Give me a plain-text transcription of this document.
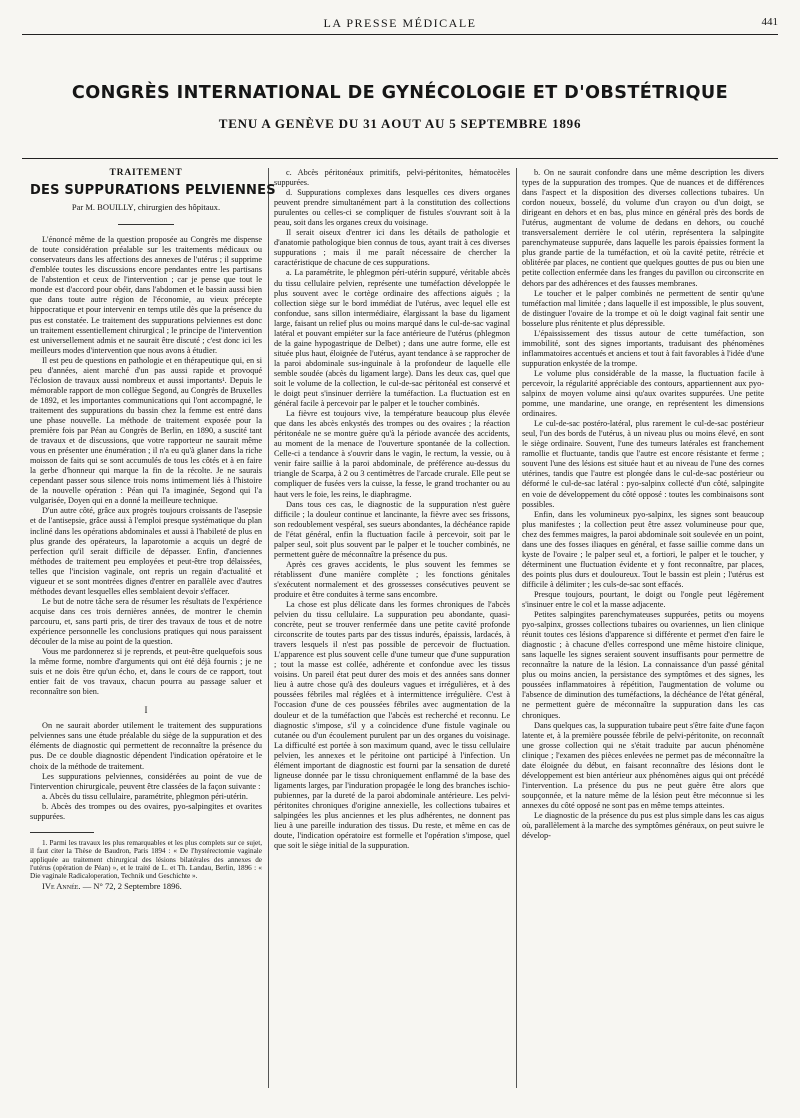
LA PRESSE MÉDICALE	441
CONGRÈS INTERNATIONAL DE GYNÉCOLOGIE ET D'OBSTÉTRIQUE
TENU A GENÈVE DU 31 AOUT AU 5 SEPTEMBRE 1896
TRAITEMENT
DES SUPPURATIONS PELVIENNES
Par M. BOUILLY, chirurgien des hôpitaux.

L'énoncé même de la question proposée au Congrès me dispense de toute considération préalable sur les traitements médicaux ou conservateurs dans les affections des annexes de l'utérus ; il supprime d'emblée toutes les discussions encore pendantes entre les partisans de l'abstention et ceux de l'intervention ; car je pense que tout le monde est d'accord pour obéir, dans l'abdomen et le bassin aussi bien que dans toute autre région de l'économie, au vieux précepte hippocratique et pour intervenir en temps utile dès que la présence du pus est constatée. Le traitement des suppurations pelviennes est donc un traitement essentiellement chirurgical ; le principe de l'intervention est universellement admis et ne saurait être discuté ; c'est donc ici les meilleurs modes d'intervention que nous avons à étudier.

Il est peu de questions en pathologie et en thérapeutique qui, en si peu d'années, aient marché d'un pas aussi rapide et provoqué l'éclosion de travaux aussi nombreux et aussi importants¹. Depuis le mémorable rapport de mon collègue Segond, au Congrès de Bruxelles de 1892, et les importantes communications qui l'ont accompagné, le traitement des suppurations du bassin chez la femme est entré dans une phase nouvelle. La méthode de traitement exposée pour la première fois par Péan au Congrès de Berlin, en 1890, a suscité tant de travaux et de discussions, que votre rapporteur ne saurait même vous en présenter une énumération ; il n'a eu qu'à glaner dans la riche moisson de faits qui se sont accumulés de tous les côtés et à en faire la gerbe d'honneur qui marque la fin de la récolte. Je ne saurais cependant passer sous silence trois noms intimement liés à l'histoire de la nouvelle opération : Péan qui l'a imaginée, Segond qui l'a vulgarisée, Doyen qui en a donné la meilleure technique.

D'un autre côté, grâce aux progrès toujours croissants de l'asepsie et de l'antisepsie, grâce aussi à l'emploi presque systématique du plan incliné dans les opérations abdominales et aussi à l'habileté de plus en plus grande des opérateurs, la laparotomie a acquis un degré de perfection qu'il serait difficile de dépasser. Enfin, d'anciennes méthodes de traitement peu employées et peut-être trop délaissées, telles que l'incision vaginale, ont repris un regain d'actualité et vigueur et se sont montrées dignes d'entrer en parallèle avec d'autres méthodes devant lesquelles elles semblaient devoir s'effacer.

Le but de notre tâche sera de résumer les résultats de l'expérience acquise dans ces trois dernières années, de montrer le chemin parcouru, et, sans parti pris, de tirer des travaux de tous et de notre expérience personnelle les conclusions pratiques qui nous paraissent découler de la mise au point de la question.

Vous me pardonnerez si je reprends, et peut-être quelquefois sous la même forme, nombre d'arguments qui ont été déjà fournis ; je ne suis et ne dois être qu'un écho, et, dans le cours de ce rapport, tout entier fait de vos travaux, chacun pourra au passage saluer et reconnaître son bien.

I

On ne saurait aborder utilement le traitement des suppurations pelviennes sans une étude préalable du siège de la suppuration et des éléments de diagnostic qui permettent de reconnaître la présence du pus. De ce double diagnostic dépendent l'indication opératoire et le choix de la méthode de traitement.

Les suppurations pelviennes, considérées au point de vue de l'intervention chirurgicale, peuvent être classées de la façon suivante :

a. Abcès du tissu cellulaire, paramétrite, phlegmon péri-utérin.

b. Abcès des trompes ou des ovaires, pyo-salpingites et ovarites suppurées.

1. Parmi les travaux les plus remarquables et les plus complets sur ce sujet, il faut citer la Thèse de Baudron, Paris 1894 : « De l'hystérectomie vaginale appliquée au traitement chirurgical des lésions bilatérales des annexes de l'utérus (opération de Péan) », et le traité de L. et Th. Landau, Berlin, 1896 : « Die vaginale Radicaloperation, Technik und Geschichte ».

IVe Année. — N° 72, 2 Septembre 1896.

c. Abcès péritonéaux primitifs, pelvi-péritonites, hématocèles suppurées.

d. Suppurations complexes dans lesquelles ces divers organes peuvent prendre simultanément part à la constitution des collections purulentes ou celles-ci se compliquer de fistules s'ouvrant soit à la peau, soit dans les organes creux du voisinage.

Il serait oiseux d'entrer ici dans les détails de pathologie et d'anatomie pathologique bien connus de tous, ayant trait à ces diverses suppurations ; mais il me paraît nécessaire de chercher la caractéristique de chacune de ces suppurations.

a. La paramétrite, le phlegmon péri-utérin suppuré, véritable abcès du tissu cellulaire pelvien, représente une tuméfaction développée le plus souvent avec le cortège ordinaire des affections aiguës ; la collection siège sur le bord immédiat de l'utérus, avec lequel elle est confondue, sans sillon intermédiaire, élargissant la base du ligament large, faisant un relief plus ou moins marqué dans le cul-de-sac vaginal latéral et pouvant empiéter sur la face antérieure de l'utérus (phlegmon de la gaine hypogastrique de Delbet) ; dans une autre forme, elle est située plus haut, éloignée de l'utérus, ayant tendance à se rapprocher de la paroi abdominale sus-inguinale à la profondeur de laquelle elle semble soudée (abcès du ligament large). Dans les deux cas, quel que soit le volume de la collection, le cul-de-sac péritonéal est conservé et le doigt peut s'insinuer derrière la tuméfaction. La fluctuation est en général facile à percevoir par le palper et le toucher combinés.

La fièvre est toujours vive, la température beaucoup plus élevée que dans les abcès enkystés des trompes ou des ovaires ; la réaction péritonéale ne se montre guère qu'à la période avancée des accidents, au moment de la menace de l'ouverture spontanée de la collection. Celle-ci a tendance à s'ouvrir dans le vagin, le rectum, la vessie, ou à venir faire saillie à la paroi abdominale, de préférence au-dessus du triangle de Scarpa, à 2 ou 3 centimètres de l'arcade crurale. Elle peut se compliquer de fusées vers la cuisse, la fesse, le grand trochanter ou au haut vers le foie, les reins, le diaphragme.

Dans tous ces cas, le diagnostic de la suppuration n'est guère difficile ; la douleur continue et lancinante, la fièvre avec ses frissons, son redoublement vespéral, ses sueurs abondantes, la déchéance rapide de l'état général, enfin la fluctuation facile à percevoir, soit par le palper seul, soit plus souvent par le palper et le toucher combinés, ne permettent guère de méconnaître la présence du pus.

Après ces graves accidents, le plus souvent les femmes se rétablissent d'une manière complète ; les fonctions génitales s'exécutent normalement et des grossesses consécutives peuvent se produire et être conduites à terme sans encombre.

La chose est plus délicate dans les formes chroniques de l'abcès pelvien du tissu cellulaire. La suppuration peu abondante, quasi-concrète, peut se trouver renfermée dans une petite cavité profonde circonscrite de toutes parts par des tissus indurés, épaissis, lardacés, à travers lesquels il n'est pas possible de percevoir de fluctuation. L'apparence est plus souvent celle d'une tumeur que d'une suppuration ; tout la masse est collée, adhérente et confondue avec les tissus voisins. Un pareil état peut durer des mois et des années sans donner lieu à autre chose qu'à des douleurs vagues et irrégulières, et à des poussées fébriles mal réglées et à intermittence irrégulière. C'est à l'occasion d'une de ces poussées fébriles avec augmentation de la douleur et de la tuméfaction que l'abcès est recherché et reconnu. Le diagnostic s'impose, s'il y a coïncidence d'une fistule vaginale ou cutanée ou d'un écoulement purulent par un des organes du voisinage. La difficulté est portée à son maximum quand, avec le tissu cellulaire pelvien, les annexes et le péritoine ont participé à l'infection. Un élément important de diagnostic est fourni par la sensation de dureté ligneuse donnée par le tissu chroniquement enflammé de la base des ligaments larges, par l'induration propagée le long des branches ischio-pubiennes, par la dureté de la paroi abdominale antérieure. Les pelvi-péritonites chroniques d'origine annexielle, les collections tubaires et salpingées les plus anciennes et les plus adhérentes, ne donnent pas lieu à une pareille induration des tissus. Du reste, et même en cas de doute, l'indication opératoire est formelle et l'opération s'impose, quel que soit le siège initial de la suppuration.

b. On ne saurait confondre dans une même description les divers types de la suppuration des trompes. Que de nuances et de différences dans l'aspect et la disposition des diverses collections tubaires. Un cordon noueux, bosselé, du volume d'un crayon ou d'un doigt, se dirigeant en dehors et en bas, plus mince en général près des bords de l'utérus, augmentant de volume de dedans en dehors, ou couché transversalement derrière le col utérin, représentera la salpingite parenchymateuse suppurée, dans laquelle les parois épaissies forment la plus grande partie de la tuméfaction, et où la cavité petite, rétrécie et oblitérée par places, ne contient que quelques gouttes de pus ou bien une petite collection enfermée dans les franges du pavillon ou circonscrite en dehors par des adhérences et des fausses membranes.

Le toucher et le palper combinés ne permettent de sentir qu'une tuméfaction mal limitée ; dans laquelle il est impossible, le plus souvent, de distinguer l'ovaire de la trompe et où le doigt vaginal fait sentir une bosselure plus rénitente et plus dépressible.

L'épaississement des tissus autour de cette tuméfaction, son immobilité, sont des signes importants, traduisant des phénomènes inflammatoires accentués et anciens et tout à fait favorables à l'idée d'une suppuration enkystée de la trompe.

Le volume plus considérable de la masse, la fluctuation facile à percevoir, la régularité appréciable des contours, appartiennent aux pyo-salpinx de moyen volume ainsi qu'aux ovarites suppurées. Une petite pomme, une mandarine, une orange, en représentent les dimensions ordinaires.

Le cul-de-sac postéro-latéral, plus rarement le cul-de-sac postérieur seul, l'un des bords de l'utérus, à un niveau plus ou moins élevé, en sont le siège ordinaire. Souvent, l'une des tumeurs latérales est franchement ramollie et fluctuante, tandis que l'autre est encore résistante et ferme ; souvent l'une des lésions est située haut et au niveau de l'une des cornes utérines, tandis que l'autre est plongée dans le cul-de-sac postérieur ou déformé le cul-de-sac latéral : pyo-salpinx collecté d'un côté, salpingite en voie de développement du côté opposé : toutes les combinaisons sont possibles.

Enfin, dans les volumineux pyo-salpinx, les signes sont beaucoup plus manifestes ; la collection peut être assez volumineuse pour que, chez des femmes maigres, la paroi abdominale soit soulevée en un point, dans une des fosses iliaques en général, et fasse saillie comme dans un kyste de l'ovaire ; le palper seul et, a fortiori, le palper et le toucher, y déterminent une fluctuation évidente et y font reconnaître, par places, des points plus durs et douloureux. Tout le bassin est plein ; l'utérus est difficile à délimiter ; les culs-de-sac sont effacés.

Presque toujours, pourtant, le doigt ou l'ongle peut légèrement s'insinuer entre le col et la masse adjacente.

Petites salpingites parenchymateuses suppurées, petits ou moyens pyo-salpinx, grosses collections tubaires ou ovariennes, un lien clinique réunit toutes ces lésions d'apparence si différente et permet d'en faire le diagnostic ; à chacune d'elles correspond une même histoire clinique, sans laquelle les signes seraient souvent insuffisants pour permettre de reconnaître la nature de la lésion. La connaissance d'un passé génital plus ou moins ancien, la persistance des symptômes et des signes, les poussées inflammatoires à répétition, l'augmentation de volume ou l'absence de diminution des tuméfactions, la déchéance de l'état général, ne permettent guère de méconnaître la suppuration dans les cas chroniques.

Dans quelques cas, la suppuration tubaire peut s'être faite d'une façon latente et, à la première poussée fébrile de pelvi-péritonite, on reconnaît une grosse collection qui ne s'était traduite par aucun phénomène clinique ; l'examen des pièces enlevées ne permet pas de méconnaître la date éloignée du début, en faisant reconnaître des lésions dont le développement est bien antérieur aux phénomènes aigus qui ont précédé l'intervention. La présence du pus ne peut guère être alors que soupçonnée, et la nature même de la lésion peut être méconnue si les annexes du côté opposé ne sont pas en même temps atteintes.

Le diagnostic de la présence du pus est plus simple dans les cas aigus où, parallèlement à la marche des symptômes généraux, on peut suivre le dévelop-
